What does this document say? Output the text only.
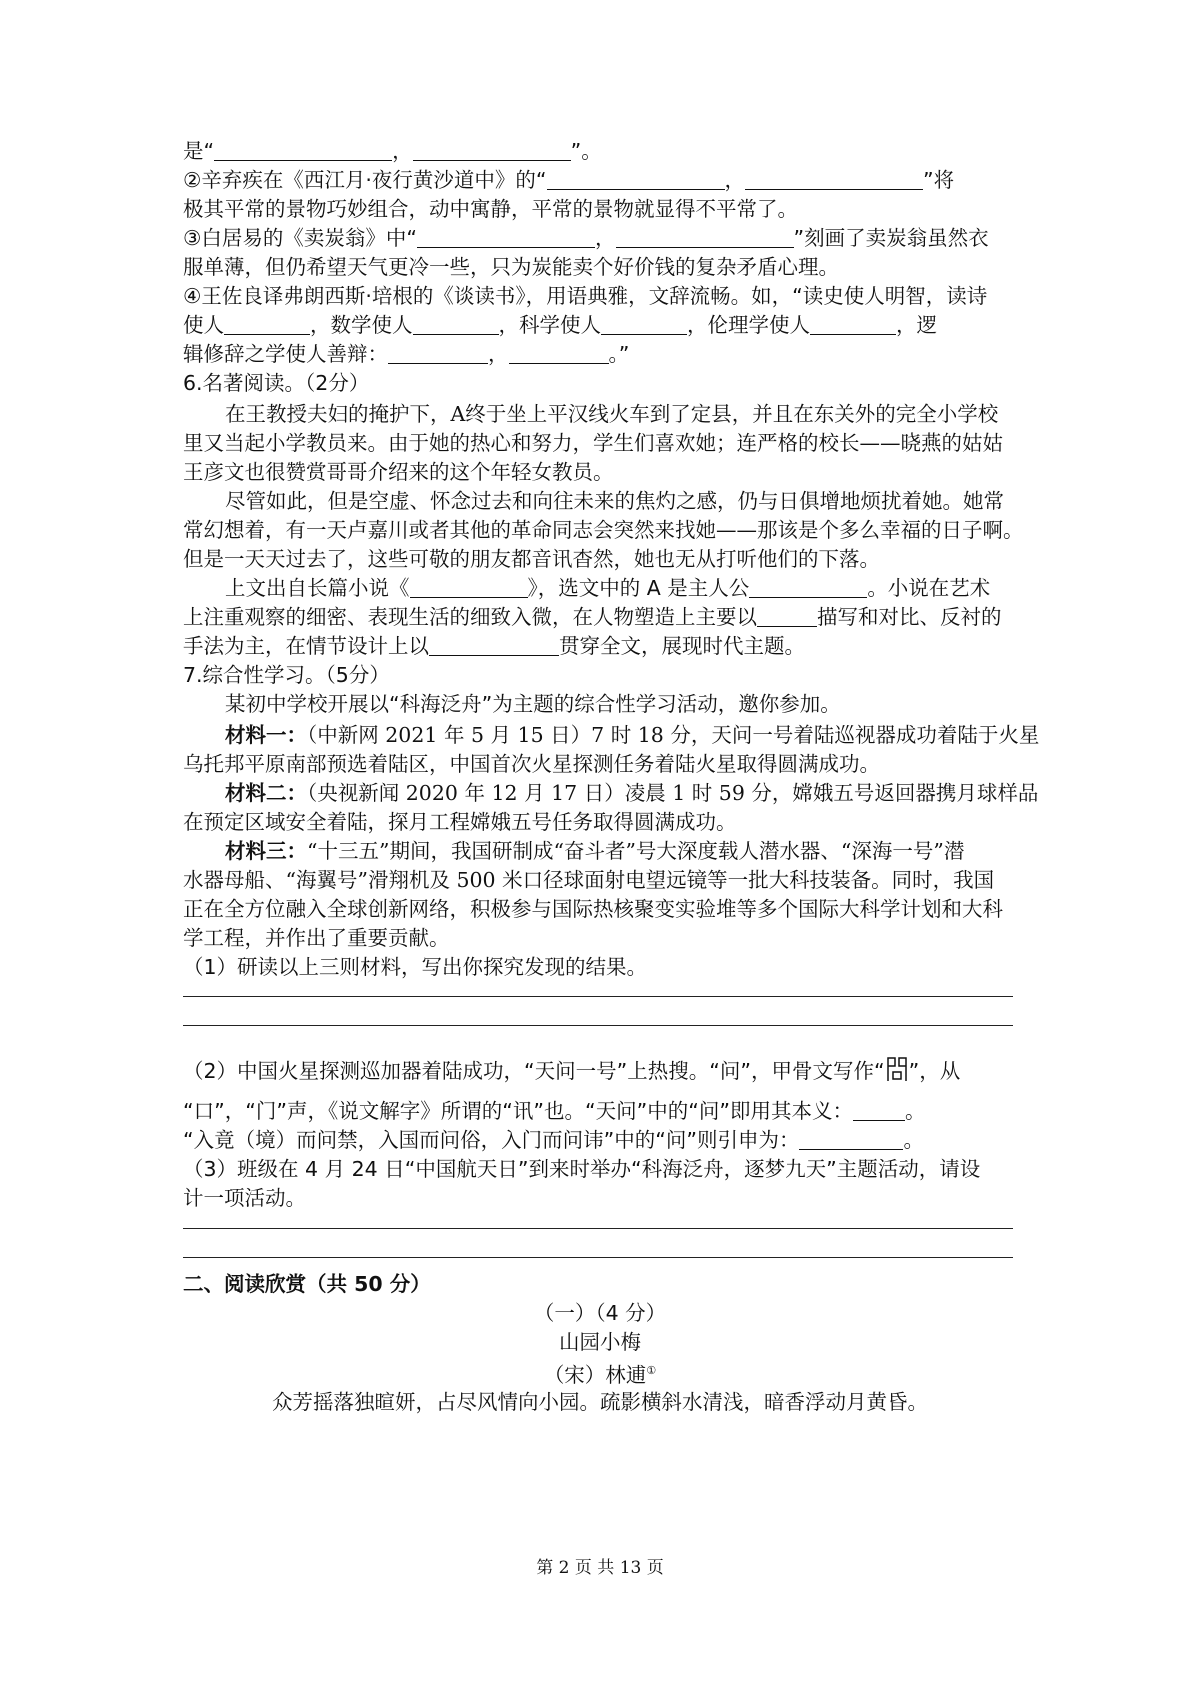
是“	，	”。
②辛弃疾在《西江月·夜行黄沙道中》的“	，	”将
极其平常的景物巧妙组合，动中寓静，平常的景物就显得不平常了。
③白居易的《卖炭翁》中“	，	”刻画了卖炭翁虽然衣
服单薄，但仍希望天气更冷一些，只为炭能卖个好价钱的复杂矛盾心理。
④王佐良译弗朗西斯·培根的《谈读书》，用语典雅，文辞流畅。如，“读史使人明智，读诗
使人	，数学使人	，科学使人	，伦理学使人	，逻
辑修辞之学使人善辩：	，	。”
6.名著阅读。（2分）
在王教授夫妇的掩护下，A终于坐上平汉线火车到了定县，并且在东关外的完全小学校
里又当起小学教员来。由于她的热心和努力，学生们喜欢她；连严格的校长——晓燕的姑姑
王彦文也很赞赏哥哥介绍来的这个年轻女教员。
尽管如此，但是空虚、怀念过去和向往未来的焦灼之感，仍与日俱增地烦扰着她。她常
常幻想着，有一天卢嘉川或者其他的革命同志会突然来找她——那该是个多么幸福的日子啊。
但是一天天过去了，这些可敬的朋友都音讯杳然，她也无从打听他们的下落。
上文出自长篇小说《	》，选文中的 A 是主人公	。小说在艺术
上注重观察的细密、表现生活的细致入微，在人物塑造上主要以	描写和对比、反衬的
手法为主，在情节设计上以	贯穿全文，展现时代主题。
7.综合性学习。（5分）
某初中学校开展以“科海泛舟”为主题的综合性学习活动，邀你参加。
材料一：（中新网 2021 年 5 月 15 日）7 时 18 分，天问一号着陆巡视器成功着陆于火星
乌托邦平原南部预选着陆区，中国首次火星探测任务着陆火星取得圆满成功。
材料二：（央视新闻 2020 年 12 月 17 日）凌晨 1 时 59 分，嫦娥五号返回器携月球样品
在预定区域安全着陆，探月工程嫦娥五号任务取得圆满成功。
材料三：“十三五”期间，我国研制成“奋斗者”号大深度载人潜水器、“深海一号”潜
水器母船、“海翼号”滑翔机及 500 米口径球面射电望远镜等一批大科技装备。同时，我国
正在全方位融入全球创新网络，积极参与国际热核聚变实验堆等多个国际大科学计划和大科
学工程，并作出了重要贡献。
（1）研读以上三则材料，写出你探究发现的结果。
（2）中国火星探测巡加器着陆成功，“天问一号”上热搜。“问”，甲骨文写作“ ”，从
“口”，“门”声，《说文解字》所谓的“讯”也。“天问”中的“问”即用其本义：	。
“入竟（境）而问禁，入国而问俗，入门而问讳”中的“问”则引申为：	。
（3）班级在 4 月 24 日“中国航天日”到来时举办“科海泛舟，逐梦九天”主题活动，请设
计一项活动。
二、阅读欣赏（共 50 分）
（一）（4 分）
山园小梅
（宋）林逋①
众芳摇落独暄妍，占尽风情向小园。疏影横斜水清浅，暗香浮动月黄昏。
第 2 页 共 13 页
